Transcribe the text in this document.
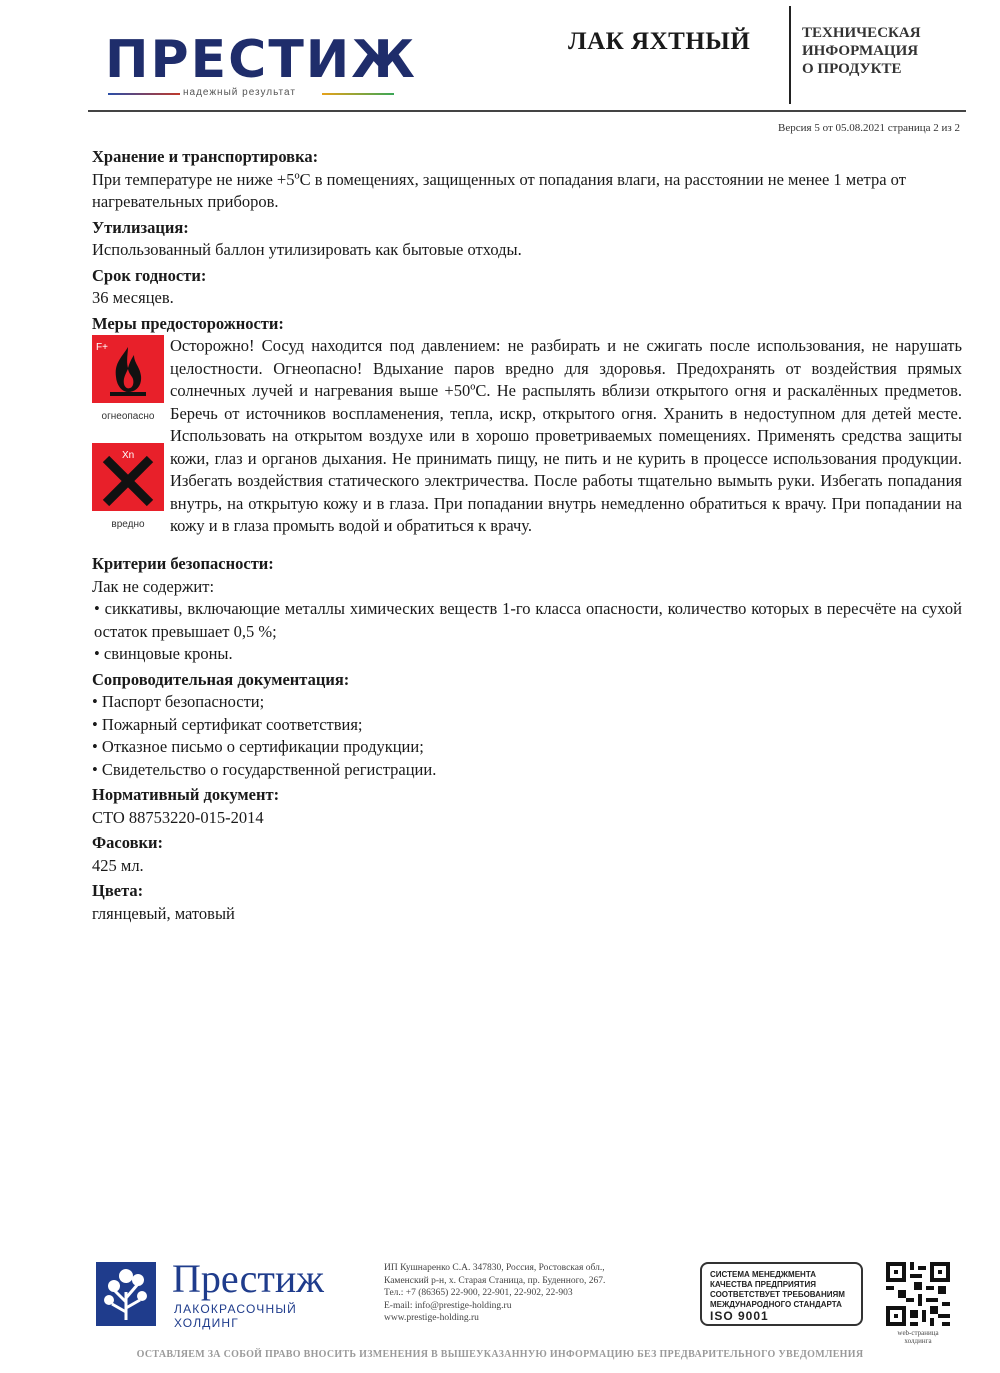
ПРЕСТИЖ
надежный результат
ЛАК ЯХТНЫЙ	ТЕХНИЧЕСКАЯ
ИНФОРМАЦИЯ
О ПРОДУКТЕ
Версия 5 от 05.08.2021 страница 2 из 2
Хранение и транспортировка:

При температуре не ниже +5ºC в помещениях, защищенных от попадания влаги, на расстоянии не менее 1 метра от нагревательных приборов.

Утилизация:

Использованный баллон утилизировать как бытовые отходы.

Срок годности:

36 месяцев.

Меры предосторожности:
F+
огнеопасно
Xn
вредно
Осторожно! Сосуд находится под давлением: не разбирать и не сжигать после использования, не нарушать целостности. Огнеопасно! Вдыхание паров вредно для здоровья. Предохранять от воздействия прямых солнечных лучей и нагревания выше +50ºC. Не распылять вблизи открытого огня и раскалённых предметов. Беречь от источников воспламенения, тепла, искр, открытого огня. Хранить в недоступном для детей месте. Использовать на открытом воздухе или в хорошо проветриваемых помещениях. Применять средства защиты кожи, глаз и органов дыхания. Не принимать пищу, не пить и не курить в процессе использования продукции. Избегать воздействия статического электричества. После работы тщательно вымыть руки. Избегать попадания внутрь, на открытую кожу и в глаза. При попадании внутрь немедленно обратиться к врачу. При попадании на кожу и в глаза промыть водой и обратиться к врачу.
Критерии безопасности:

Лак не содержит:

• сиккативы, включающие металлы химических веществ 1-го класса опасности, количество которых в пересчёте на сухой остаток превышает 0,5 %;

• свинцовые кроны.

Сопроводительная документация:

• Паспорт безопасности;

• Пожарный сертификат соответствия;

• Отказное письмо о сертификации продукции;

• Свидетельство о государственной регистрации.

Нормативный документ:

СТО 88753220-015-2014

Фасовки:

425 мл.

Цвета:

глянцевый, матовый

Престиж
ЛАКОКРАСОЧНЫЙ
ХОЛДИНГ
ИП Кушнаренко С.А. 347830, Россия, Ростовская обл.,
Каменский р-н, х. Старая Станица, пр. Буденного, 267.
Тел.: +7 (86365) 22-900, 22-901, 22-902, 22-903
E-mail: info@prestige-holding.ru
www.prestige-holding.ru
СИСТЕМА МЕНЕДЖМЕНТА
КАЧЕСТВА ПРЕДПРИЯТИЯ
СООТВЕТСТВУЕТ ТРЕБОВАНИЯМ
МЕЖДУНАРОДНОГО СТАНДАРТА
ISO 9001
web-страница
холдинга
ОСТАВЛЯЕМ ЗА СОБОЙ ПРАВО ВНОСИТЬ ИЗМЕНЕНИЯ В ВЫШЕУКАЗАННУЮ ИНФОРМАЦИЮ БЕЗ ПРЕДВАРИТЕЛЬНОГО УВЕДОМЛЕНИЯ
